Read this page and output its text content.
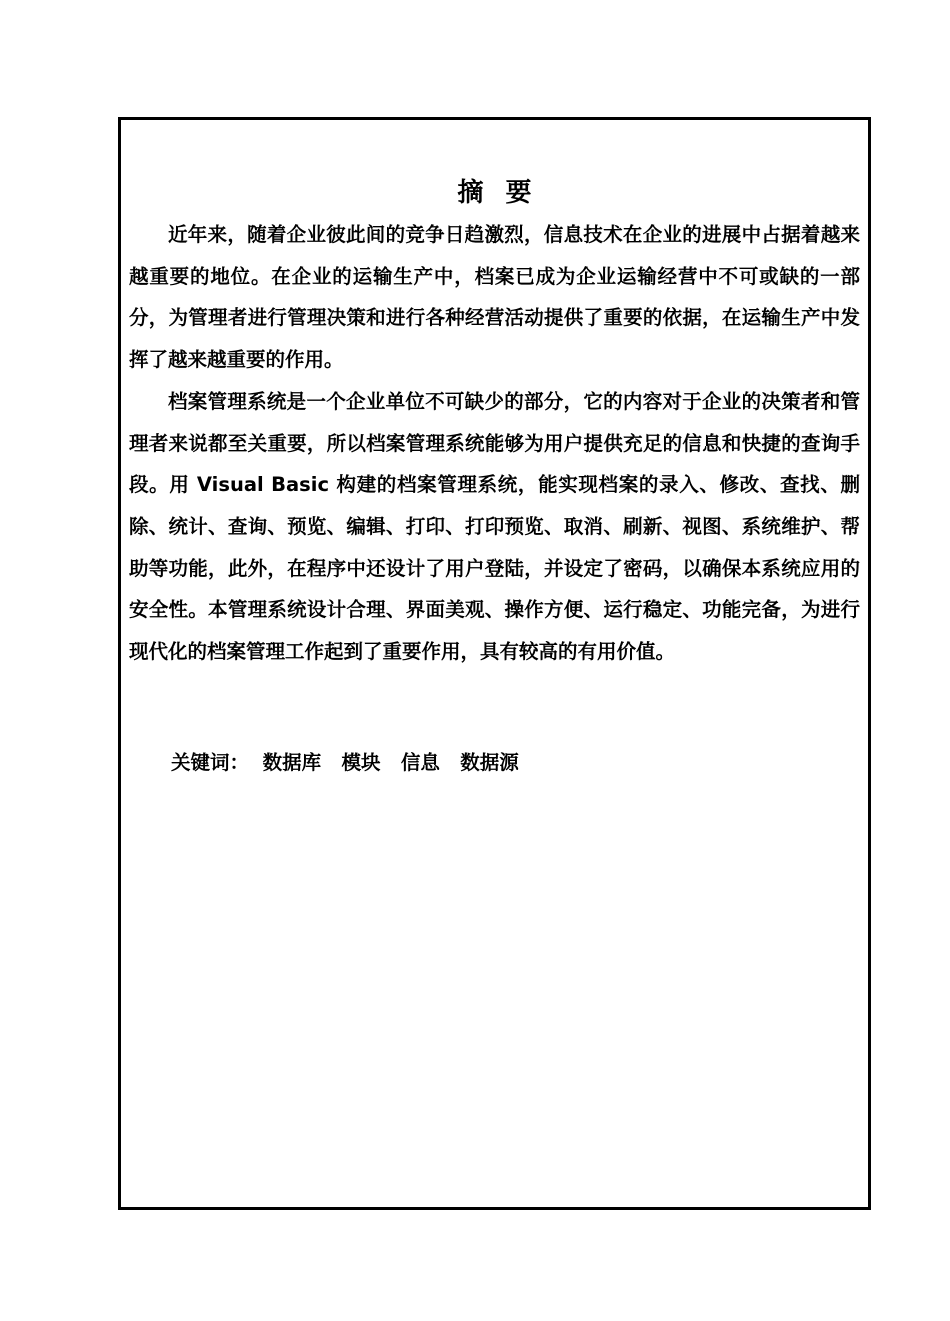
摘要

近年来，随着企业彼此间的竞争日趋激烈，信息技术在企业的进展中占据着越来越重要的地位。在企业的运输生产中，档案已成为企业运输经营中不可或缺的一部分，为管理者进行管理决策和进行各种经营活动提供了重要的依据，在运输生产中发挥了越来越重要的作用。

档案管理系统是一个企业单位不可缺少的部分，它的内容对于企业的决策者和管理者来说都至关重要，所以档案管理系统能够为用户提供充足的信息和快捷的查询手段。用 Visual Basic 构建的档案管理系统，能实现档案的录入、修改、查找、删除、统计、查询、预览、编辑、打印、打印预览、取消、刷新、视图、系统维护、帮助等功能，此外，在程序中还设计了用户登陆，并设定了密码，以确保本系统应用的安全性。本管理系统设计合理、界面美观、操作方便、运行稳定、功能完备，为进行现代化的档案管理工作起到了重要作用，具有较高的有用价值。

关键词： 数据库 模块 信息 数据源
